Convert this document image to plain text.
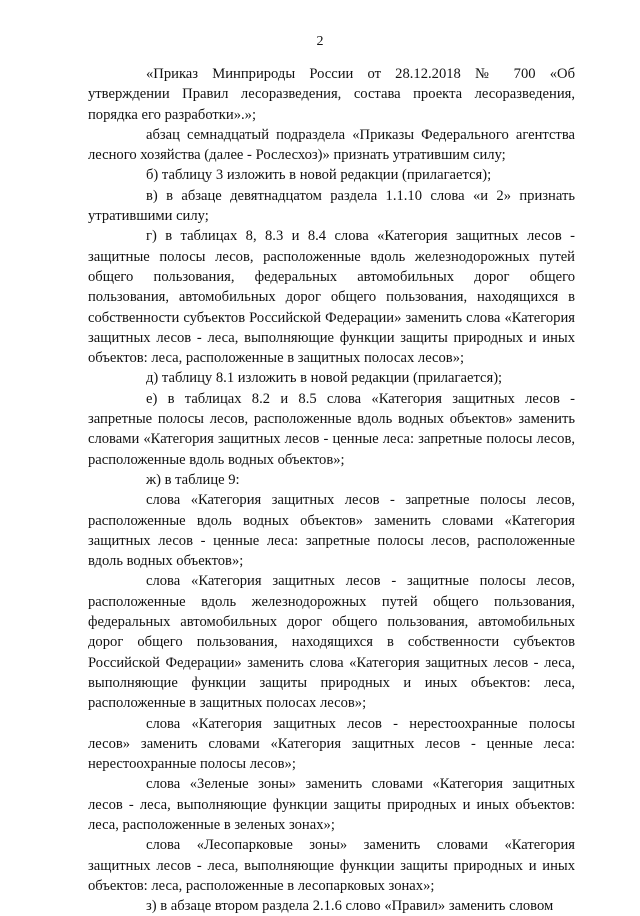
2

«Приказ Минприроды России от 28.12.2018 № 700 «Об утверждении Правил лесоразведения, состава проекта лесоразведения, порядка его разработки».»;

абзац семнадцатый подраздела «Приказы Федерального агентства лесного хозяйства (далее - Рослесхоз)» признать утратившим силу;

б) таблицу 3 изложить в новой редакции (прилагается);

в) в абзаце девятнадцатом раздела 1.1.10 слова «и 2» признать утратившими силу;

г) в таблицах 8, 8.3 и 8.4 слова «Категория защитных лесов - защитные полосы лесов, расположенные вдоль железнодорожных путей общего пользования, федеральных автомобильных дорог общего пользования, автомобильных дорог общего пользования, находящихся в собственности субъектов Российской Федерации» заменить слова «Категория защитных лесов - леса, выполняющие функции защиты природных и иных объектов: леса, расположенные в защитных полосах лесов»;

д) таблицу 8.1 изложить в новой редакции (прилагается);

е) в таблицах 8.2 и 8.5 слова «Категория защитных лесов - запретные полосы лесов, расположенные вдоль водных объектов» заменить словами «Категория защитных лесов - ценные леса: запретные полосы лесов, расположенные вдоль водных объектов»;

ж) в таблице 9:

слова «Категория защитных лесов - запретные полосы лесов, расположенные вдоль водных объектов» заменить словами «Категория защитных лесов - ценные леса: запретные полосы лесов, расположенные вдоль водных объектов»;

слова «Категория защитных лесов - защитные полосы лесов, расположенные вдоль железнодорожных путей общего пользования, федеральных автомобильных дорог общего пользования, автомобильных дорог общего пользования, находящихся в собственности субъектов Российской Федерации» заменить слова «Категория защитных лесов - леса, выполняющие функции защиты природных и иных объектов: леса, расположенные в защитных полосах лесов»;

слова «Категория защитных лесов - нерестоохранные полосы лесов» заменить словами «Категория защитных лесов - ценные леса: нерестоохранные полосы лесов»;

слова «Зеленые зоны» заменить словами «Категория защитных лесов - леса, выполняющие функции защиты природных и иных объектов: леса, расположенные в зеленых зонах»;

слова «Лесопарковые зоны» заменить словами «Категория защитных лесов - леса, выполняющие функции защиты природных и иных объектов: леса, расположенные в лесопарковых зонах»;

з) в абзаце втором раздела 2.1.6 слово «Правил» заменить словом
